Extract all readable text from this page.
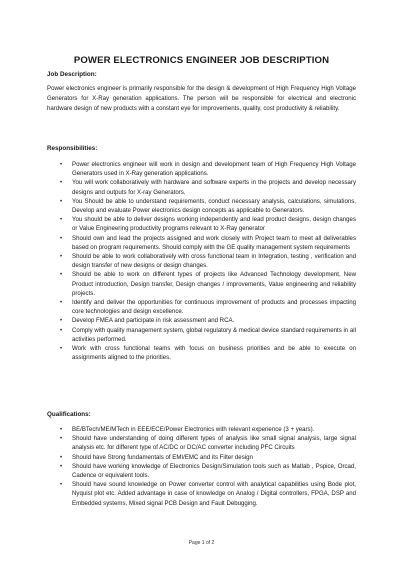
POWER ELECTRONICS ENGINEER JOB DESCRIPTION
Job Description:
Power electronics engineer is primarily responsible for the design & development of High Frequency High Voltage Generators for X-Ray generation applications. The person will be responsible for electrical and electronic hardware design of new products with a constant eye for improvements, quality, cost productivity & reliability.
Responsibilities:
• Power electronics engineer will work in design and development team of High Frequency High Voltage Generators used in X-Ray generation applications.
• You will work collaboratively with hardware and software experts in the projects and develop necessary designs and outputs for X-ray Generators.
• You Should be able to understand requirements, conduct necessary analysis, calculations, simulations, Develop and evaluate Power electronics design concepts as applicable to Generators.
• You should be able to deliver designs working independently and lead product designs, design changes or Value Engineering productivity programs relevant to X-Ray generator
• Should own and lead the projects assigned and work closely with Project team to meet all deliverables based on program requirements. Should comply with the GE quality management system requirements
• Should be able to work collaboratively with cross functional team in Integration, testing , verification and design transfer of new designs or design changes.
• Should be able to work on different types of projects like Advanced Technology development, New Product introduction, Design transfer, Design changes / improvements, Value engineering and reliability projects.
• Identify and deliver the opportunities for continuous improvement of products and processes impacting core technologies and design excellence.
• Develop FMEA and participate in risk assessment and RCA.
• Comply with quality management system, global regulatory & medical device standard requirements in all activities performed.
• Work with cross functional teams with focus on business priorities and be able to execute on assignments aligned to the priorities.
Qualifications:
• BE/BTech/ME/MTech in EEE/ECE/Power Electronics with relevant experience (3 + years).
• Should have understanding of doing different types of analysis like small signal analysis, large signal analysis etc. for different type of AC/DC or DC/AC converter including PFC Circuits
• Should have Strong fundamentals of EMI/EMC and its Filter design
• Should have working knowledge of Electronics Design/Simulation tools such as Matlab , Pspice, Orcad, Cadence or equivalent tools.
• Should have sound knowledge on Power converter control with analytical capabilities using Bode plot, Nyquist plot etc. Added advantage in case of knowledge on Analog / Digital controllers, FPGA, DSP and Embedded systems, Mixed signal PCB Design and Fault Debugging.
Page 1 of 2
